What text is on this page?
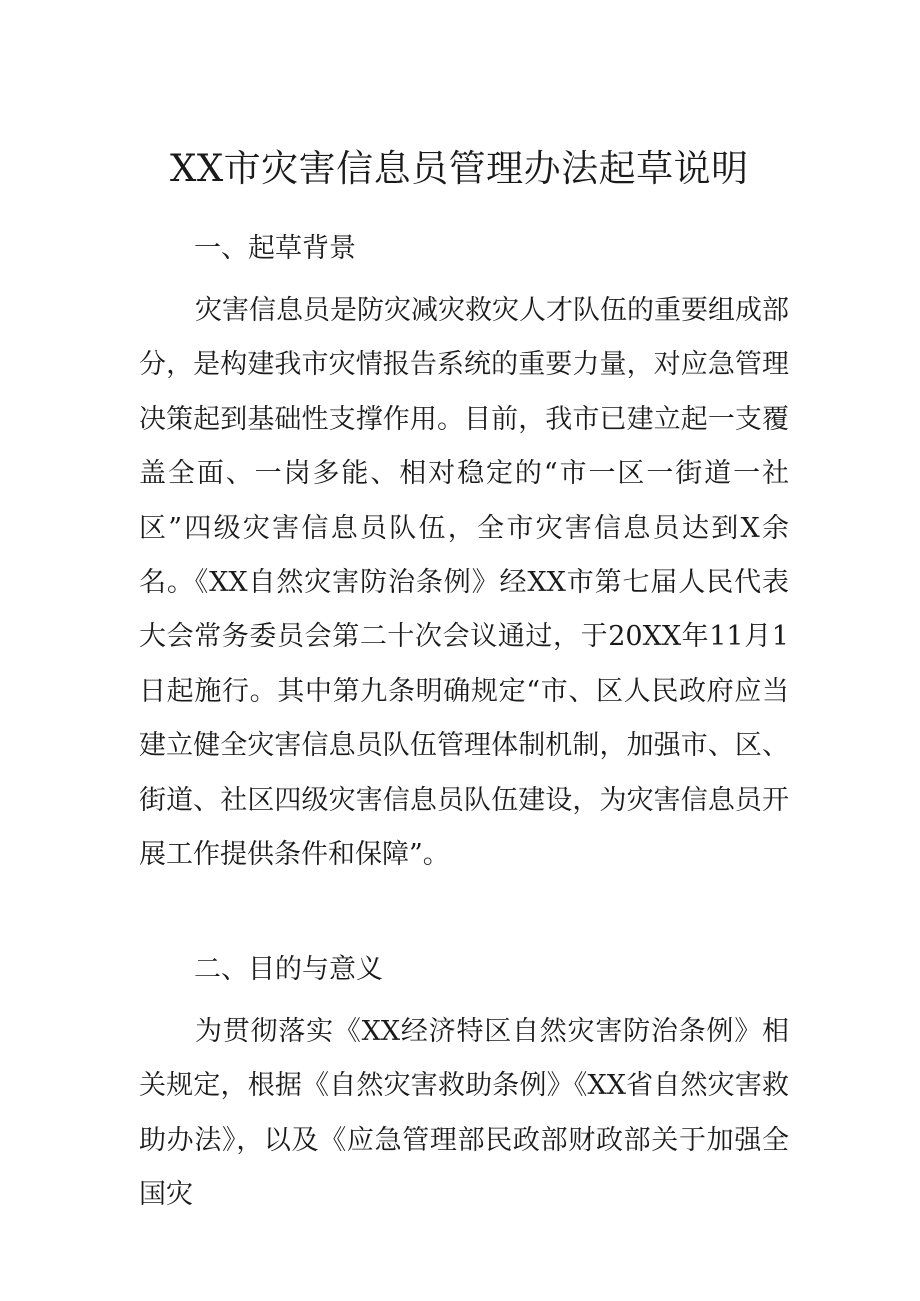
XX市灾害信息员管理办法起草说明
一、起草背景

灾害信息员是防灾减灾救灾人才队伍的重要组成部分，是构建我市灾情报告系统的重要力量，对应急管理决策起到基础性支撑作用。目前，我市已建立起一支覆盖全面、一岗多能、相对稳定的“市一区一街道一社区”四级灾害信息员队伍，全市灾害信息员达到X余名。《XX自然灾害防治条例》经XX市第七届人民代表大会常务委员会第二十次会议通过，于20XX年11月1日起施行。其中第九条明确规定“市、区人民政府应当建立健全灾害信息员队伍管理体制机制，加强市、区、街道、社区四级灾害信息员队伍建设，为灾害信息员开展工作提供条件和保障”。

二、目的与意义

为贯彻落实《XX经济特区自然灾害防治条例》相关规定，根据《自然灾害救助条例》《XX省自然灾害救助办法》，以及《应急管理部民政部财政部关于加强全国灾
